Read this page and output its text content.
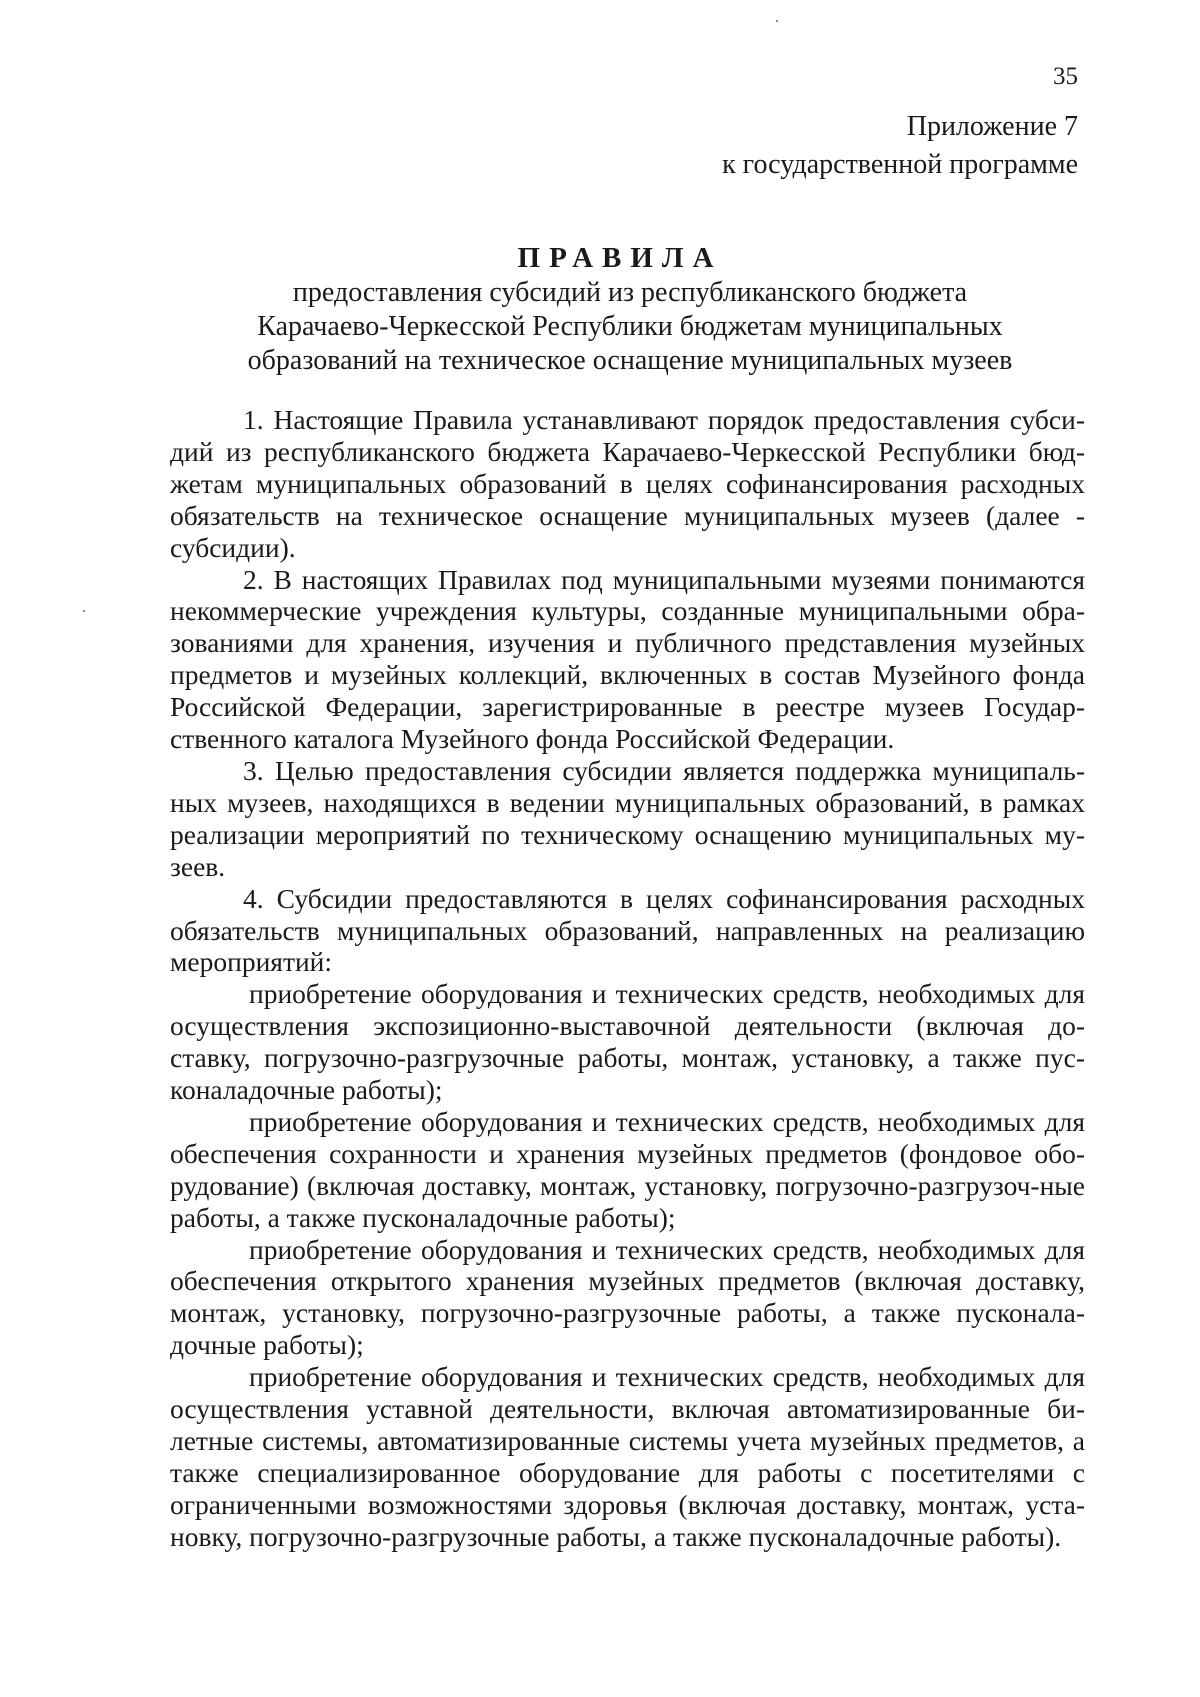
35
Приложение 7
к государственной программе
ПРАВИЛА
предоставления субсидий из республиканского бюджета
Карачаево-Черкесской Республики бюджетам муниципальных
образований на техническое оснащение муниципальных музеев

1. Настоящие Правила устанавливают порядок предоставления субси-дий из республиканского бюджета Карачаево-Черкесской Республики бюд-жетам муниципальных образований в целях софинансирования расходных обязательств на техническое оснащение муниципальных музеев (далее - субсидии).

2. В настоящих Правилах под муниципальными музеями понимаются некоммерческие учреждения культуры, созданные муниципальными обра-зованиями для хранения, изучения и публичного представления музейных предметов и музейных коллекций, включенных в состав Музейного фонда Российской Федерации, зарегистрированные в реестре музеев Государ-ственного каталога Музейного фонда Российской Федерации.

3. Целью предоставления субсидии является поддержка муниципаль-ных музеев, находящихся в ведении муниципальных образований, в рамках реализации мероприятий по техническому оснащению муниципальных му-зеев.

4. Субсидии предоставляются в целях софинансирования расходных обязательств муниципальных образований, направленных на реализацию мероприятий:

приобретение оборудования и технических средств, необходимых для осуществления экспозиционно-выставочной деятельности (включая до-ставку, погрузочно-разгрузочные работы, монтаж, установку, а также пус-коналадочные работы);

приобретение оборудования и технических средств, необходимых для обеспечения сохранности и хранения музейных предметов (фондовое обо-рудование) (включая доставку, монтаж, установку, погрузочно-разгрузоч-ные работы, а также пусконаладочные работы);

приобретение оборудования и технических средств, необходимых для обеспечения открытого хранения музейных предметов (включая доставку, монтаж, установку, погрузочно-разгрузочные работы, а также пусконала-дочные работы);

приобретение оборудования и технических средств, необходимых для осуществления уставной деятельности, включая автоматизированные би-летные системы, автоматизированные системы учета музейных предметов, а также специализированное оборудование для работы с посетителями с ограниченными возможностями здоровья (включая доставку, монтаж, уста-новку, погрузочно-разгрузочные работы, а также пусконаладочные работы).
